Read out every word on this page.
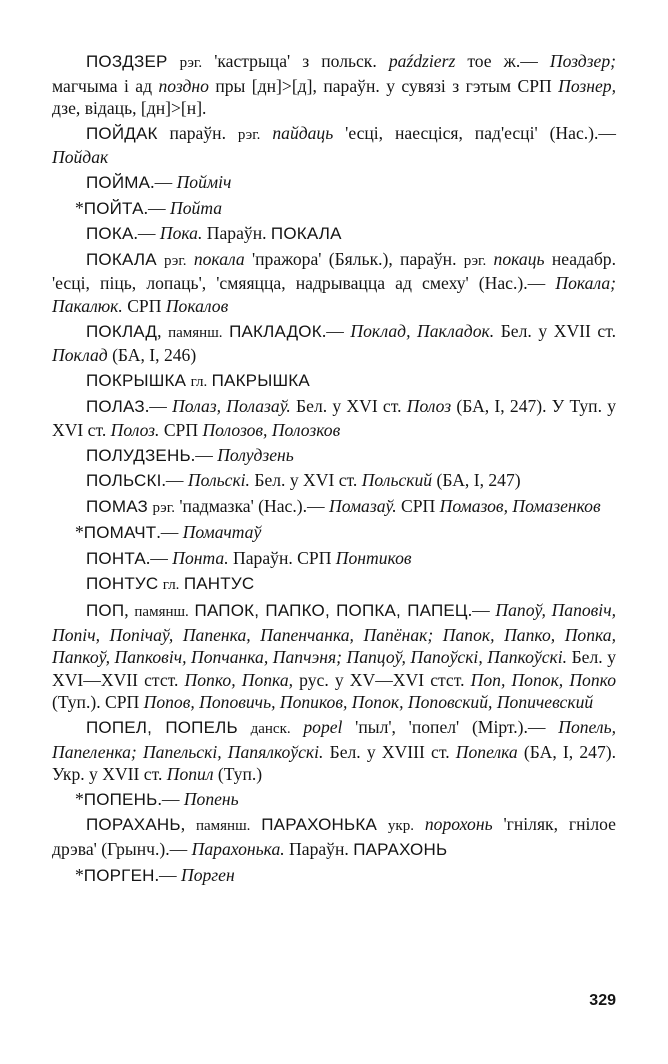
ПОЗДЗЕР рэг. 'кастрыца' з польск. paździerz тое ж.— Поздзер; магчыма і ад поздно пры [дн]>[д], параўн. у сувязі з гэтым СРП Познер, дзе, відаць, [дн]>[н].

ПОЙДАК параўн. рэг. пайдаць 'есці, наесціся, пад'есці' (Нас.).—Пойдак

ПОЙМА.— Пойміч

*ПОЙТА.— Пойта

ПОКА.— Пока. Параўн. ПОКАЛА

ПОКАЛА рэг. покала 'пражора' (Бяльк.), параўн. рэг. покаць неадабр. 'есці, піць, лопаць', 'смяяцца, надрывацца ад смеху' (Нас.).— Покала; Пакалюк. СРП Покалов

ПОКЛАД, памянш. ПАКЛАДОК.— Поклад, Пакладок. Бел. у XVII ст. Поклад (БА, I, 246)

ПОКРЫШКА гл. ПАКРЫШКА

ПОЛАЗ.— Полаз, Полазаў. Бел. у XVI ст. Полоз (БА, I, 247). У Туп. у XVI ст. Полоз. СРП Полозов, Полозков

ПОЛУДЗЕНЬ.— Полудзень

ПОЛЬСКІ.— Польскі. Бел. у XVI ст. Польский (БА, I, 247)

ПОМАЗ рэг. 'падмазка' (Нас.).— Помазаў. СРП Помазов, Помазенков

*ПОМАЧТ.— Помачтаў

ПОНТА.— Понта. Параўн. СРП Понтиков

ПОНТУС гл. ПАНТУС

ПОП, памянш. ПАПОК, ПАПКО, ПОПКА, ПАПЕЦ.— Папоў, Паповіч, Попіч, Попічаў, Папенка, Папенчанка, Папёнак; Папок, Папко, Попка, Папкоў, Папковіч, Попчанка, Папчэня; Папцоў, Папоўскі, Папкоўскі. Бел. у XVI—XVII стст. Попко, Попка, рус. у XV—XVI стст. Поп, Попок, Попко (Туп.). СРП Попов, Поповичь, Попиков, Попок, Поповский, Попичевский

ПОПЕЛ, ПОПЕЛЬ данск. popel 'пыл', 'попел' (Мірт.).— Попель, Папеленка; Папельскі, Папялкоўскі. Бел. у XVIII ст. Попелка (БА, I, 247). Укр. у XVII ст. Попил (Туп.)

*ПОПЕНЬ.— Попень

ПОРАХАНЬ, памянш. ПАРАХОНЬКА укр. порохонь 'гніляк, гнілое дрэва' (Грынч.).— Парахонька. Параўн. ПАРАХОНЬ

*ПОРГЕН.— Порген

329
